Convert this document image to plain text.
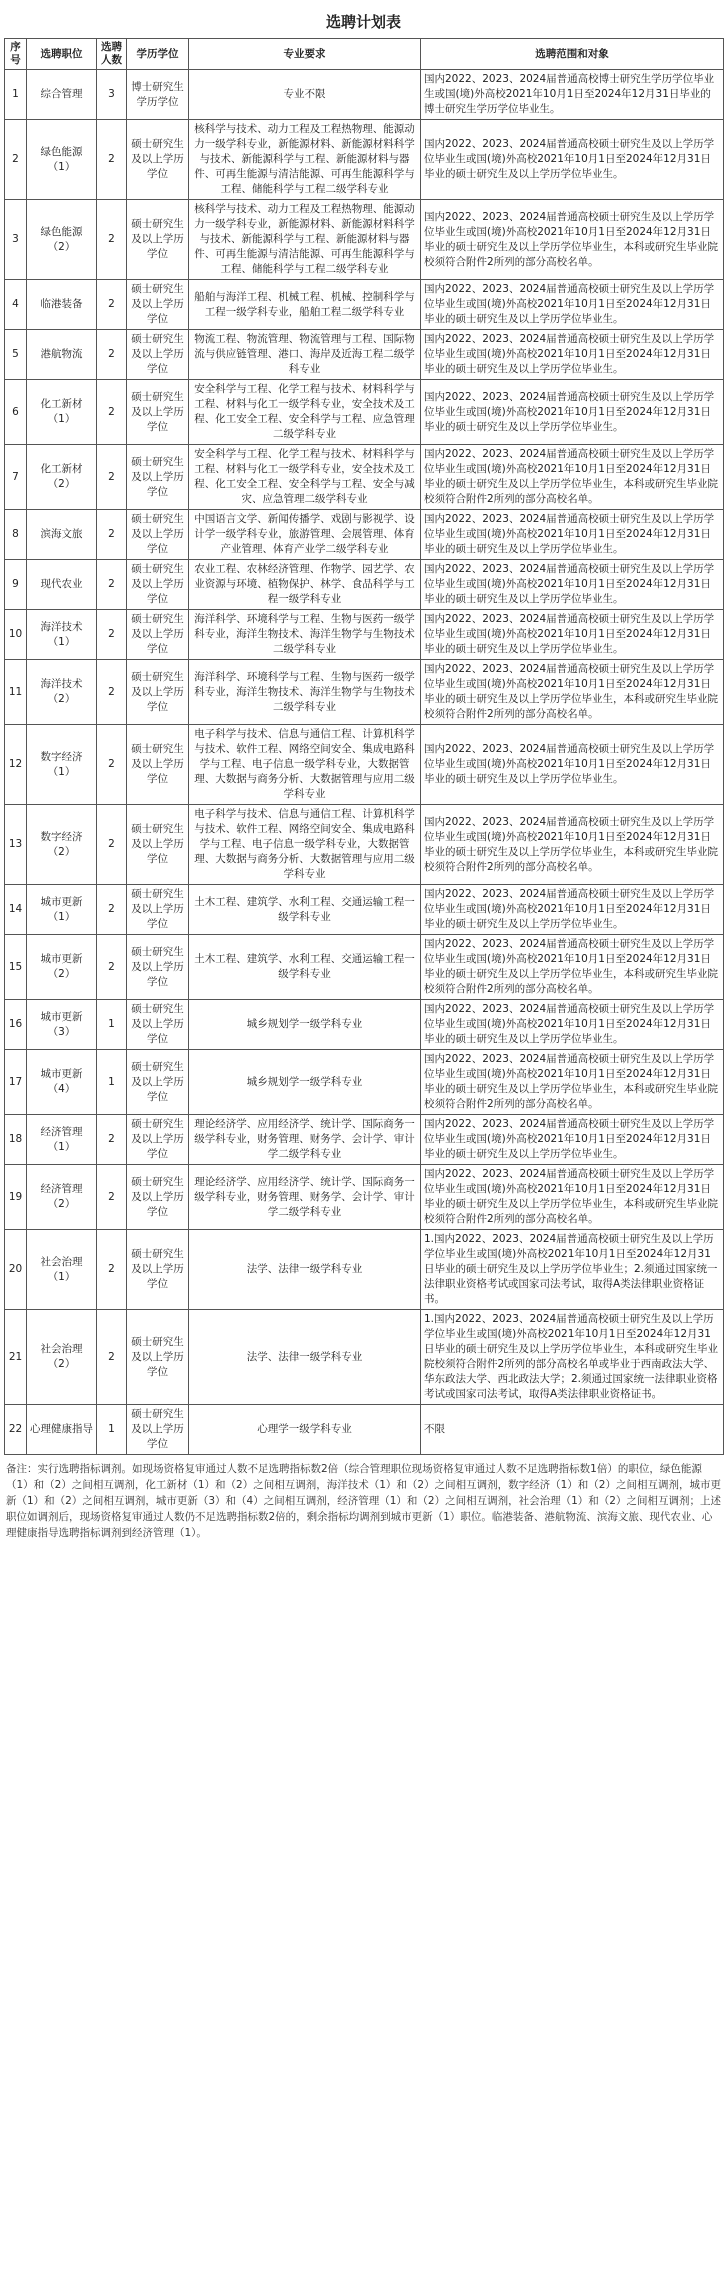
选聘计划表
序号	选聘职位	选聘人数	学历学位	专业要求	选聘范围和对象
1	综合管理	3	博士研究生学历学位	专业不限	国内2022、2023、2024届普通高校博士研究生学历学位毕业生或国(境)外高校2021年10月1日至2024年12月31日毕业的博士研究生学历学位毕业生。
2	绿色能源（1）	2	硕士研究生及以上学历学位	核科学与技术、动力工程及工程热物理、能源动力一级学科专业，新能源材料、新能源材料科学与技术、新能源科学与工程、新能源材料与器件、可再生能源与清洁能源、可再生能源科学与工程、储能科学与工程二级学科专业	国内2022、2023、2024届普通高校硕士研究生及以上学历学位毕业生或国(境)外高校2021年10月1日至2024年12月31日毕业的硕士研究生及以上学历学位毕业生。
3	绿色能源（2）	2	硕士研究生及以上学历学位	核科学与技术、动力工程及工程热物理、能源动力一级学科专业，新能源材料、新能源材料科学与技术、新能源科学与工程、新能源材料与器件、可再生能源与清洁能源、可再生能源科学与工程、储能科学与工程二级学科专业	国内2022、2023、2024届普通高校硕士研究生及以上学历学位毕业生或国(境)外高校2021年10月1日至2024年12月31日毕业的硕士研究生及以上学历学位毕业生，本科或研究生毕业院校须符合附件2所列的部分高校名单。
4	临港装备	2	硕士研究生及以上学历学位	船舶与海洋工程、机械工程、机械、控制科学与工程一级学科专业，船舶工程二级学科专业	国内2022、2023、2024届普通高校硕士研究生及以上学历学位毕业生或国(境)外高校2021年10月1日至2024年12月31日毕业的硕士研究生及以上学历学位毕业生。
5	港航物流	2	硕士研究生及以上学历学位	物流工程、物流管理、物流管理与工程、国际物流与供应链管理、港口、海岸及近海工程二级学科专业	国内2022、2023、2024届普通高校硕士研究生及以上学历学位毕业生或国(境)外高校2021年10月1日至2024年12月31日毕业的硕士研究生及以上学历学位毕业生。
6	化工新材（1）	2	硕士研究生及以上学历学位	安全科学与工程、化学工程与技术、材料科学与工程、材料与化工一级学科专业，安全技术及工程、化工安全工程、安全科学与工程、应急管理二级学科专业	国内2022、2023、2024届普通高校硕士研究生及以上学历学位毕业生或国(境)外高校2021年10月1日至2024年12月31日毕业的硕士研究生及以上学历学位毕业生。
7	化工新材（2）	2	硕士研究生及以上学历学位	安全科学与工程、化学工程与技术、材料科学与工程、材料与化工一级学科专业，安全技术及工程、化工安全工程、安全科学与工程、安全与减灾、应急管理二级学科专业	国内2022、2023、2024届普通高校硕士研究生及以上学历学位毕业生或国(境)外高校2021年10月1日至2024年12月31日毕业的硕士研究生及以上学历学位毕业生，本科或研究生毕业院校须符合附件2所列的部分高校名单。
8	滨海文旅	2	硕士研究生及以上学历学位	中国语言文学、新闻传播学、戏剧与影视学、设计学一级学科专业，旅游管理、会展管理、体育产业管理、体育产业学二级学科专业	国内2022、2023、2024届普通高校硕士研究生及以上学历学位毕业生或国(境)外高校2021年10月1日至2024年12月31日毕业的硕士研究生及以上学历学位毕业生。
9	现代农业	2	硕士研究生及以上学历学位	农业工程、农林经济管理、作物学、园艺学、农业资源与环境、植物保护、林学、食品科学与工程一级学科专业	国内2022、2023、2024届普通高校硕士研究生及以上学历学位毕业生或国(境)外高校2021年10月1日至2024年12月31日毕业的硕士研究生及以上学历学位毕业生。
10	海洋技术（1）	2	硕士研究生及以上学历学位	海洋科学、环境科学与工程、生物与医药一级学科专业，海洋生物技术、海洋生物学与生物技术二级学科专业	国内2022、2023、2024届普通高校硕士研究生及以上学历学位毕业生或国(境)外高校2021年10月1日至2024年12月31日毕业的硕士研究生及以上学历学位毕业生。
11	海洋技术（2）	2	硕士研究生及以上学历学位	海洋科学、环境科学与工程、生物与医药一级学科专业，海洋生物技术、海洋生物学与生物技术二级学科专业	国内2022、2023、2024届普通高校硕士研究生及以上学历学位毕业生或国(境)外高校2021年10月1日至2024年12月31日毕业的硕士研究生及以上学历学位毕业生，本科或研究生毕业院校须符合附件2所列的部分高校名单。
12	数字经济（1）	2	硕士研究生及以上学历学位	电子科学与技术、信息与通信工程、计算机科学与技术、软件工程、网络空间安全、集成电路科学与工程、电子信息一级学科专业，大数据管理、大数据与商务分析、大数据管理与应用二级学科专业	国内2022、2023、2024届普通高校硕士研究生及以上学历学位毕业生或国(境)外高校2021年10月1日至2024年12月31日毕业的硕士研究生及以上学历学位毕业生。
13	数字经济（2）	2	硕士研究生及以上学历学位	电子科学与技术、信息与通信工程、计算机科学与技术、软件工程、网络空间安全、集成电路科学与工程、电子信息一级学科专业，大数据管理、大数据与商务分析、大数据管理与应用二级学科专业	国内2022、2023、2024届普通高校硕士研究生及以上学历学位毕业生或国(境)外高校2021年10月1日至2024年12月31日毕业的硕士研究生及以上学历学位毕业生，本科或研究生毕业院校须符合附件2所列的部分高校名单。
14	城市更新（1）	2	硕士研究生及以上学历学位	土木工程、建筑学、水利工程、交通运输工程一级学科专业	国内2022、2023、2024届普通高校硕士研究生及以上学历学位毕业生或国(境)外高校2021年10月1日至2024年12月31日毕业的硕士研究生及以上学历学位毕业生。
15	城市更新（2）	2	硕士研究生及以上学历学位	土木工程、建筑学、水利工程、交通运输工程一级学科专业	国内2022、2023、2024届普通高校硕士研究生及以上学历学位毕业生或国(境)外高校2021年10月1日至2024年12月31日毕业的硕士研究生及以上学历学位毕业生，本科或研究生毕业院校须符合附件2所列的部分高校名单。
16	城市更新（3）	1	硕士研究生及以上学历学位	城乡规划学一级学科专业	国内2022、2023、2024届普通高校硕士研究生及以上学历学位毕业生或国(境)外高校2021年10月1日至2024年12月31日毕业的硕士研究生及以上学历学位毕业生。
17	城市更新（4）	1	硕士研究生及以上学历学位	城乡规划学一级学科专业	国内2022、2023、2024届普通高校硕士研究生及以上学历学位毕业生或国(境)外高校2021年10月1日至2024年12月31日毕业的硕士研究生及以上学历学位毕业生，本科或研究生毕业院校须符合附件2所列的部分高校名单。
18	经济管理（1）	2	硕士研究生及以上学历学位	理论经济学、应用经济学、统计学、国际商务一级学科专业，财务管理、财务学、会计学、审计学二级学科专业	国内2022、2023、2024届普通高校硕士研究生及以上学历学位毕业生或国(境)外高校2021年10月1日至2024年12月31日毕业的硕士研究生及以上学历学位毕业生。
19	经济管理（2）	2	硕士研究生及以上学历学位	理论经济学、应用经济学、统计学、国际商务一级学科专业，财务管理、财务学、会计学、审计学二级学科专业	国内2022、2023、2024届普通高校硕士研究生及以上学历学位毕业生或国(境)外高校2021年10月1日至2024年12月31日毕业的硕士研究生及以上学历学位毕业生，本科或研究生毕业院校须符合附件2所列的部分高校名单。
20	社会治理（1）	2	硕士研究生及以上学历学位	法学、法律一级学科专业	1.国内2022、2023、2024届普通高校硕士研究生及以上学历学位毕业生或国(境)外高校2021年10月1日至2024年12月31日毕业的硕士研究生及以上学历学位毕业生；2.须通过国家统一法律职业资格考试或国家司法考试，取得A类法律职业资格证书。
21	社会治理（2）	2	硕士研究生及以上学历学位	法学、法律一级学科专业	1.国内2022、2023、2024届普通高校硕士研究生及以上学历学位毕业生或国(境)外高校2021年10月1日至2024年12月31日毕业的硕士研究生及以上学历学位毕业生，本科或研究生毕业院校须符合附件2所列的部分高校名单或毕业于西南政法大学、华东政法大学、西北政法大学；2.须通过国家统一法律职业资格考试或国家司法考试，取得A类法律职业资格证书。
22	心理健康指导	1	硕士研究生及以上学历学位	心理学一级学科专业	不限
备注：实行选聘指标调剂。如现场资格复审通过人数不足选聘指标数2倍（综合管理职位现场资格复审通过人数不足选聘指标数1倍）的职位，绿色能源（1）和（2）之间相互调剂，化工新材（1）和（2）之间相互调剂，海洋技术（1）和（2）之间相互调剂，数字经济（1）和（2）之间相互调剂，城市更新（1）和（2）之间相互调剂，城市更新（3）和（4）之间相互调剂，经济管理（1）和（2）之间相互调剂，社会治理（1）和（2）之间相互调剂；上述职位如调剂后，现场资格复审通过人数仍不足选聘指标数2倍的，剩余指标均调剂到城市更新（1）职位。临港装备、港航物流、滨海文旅、现代农业、心理健康指导选聘指标调剂到经济管理（1）。
